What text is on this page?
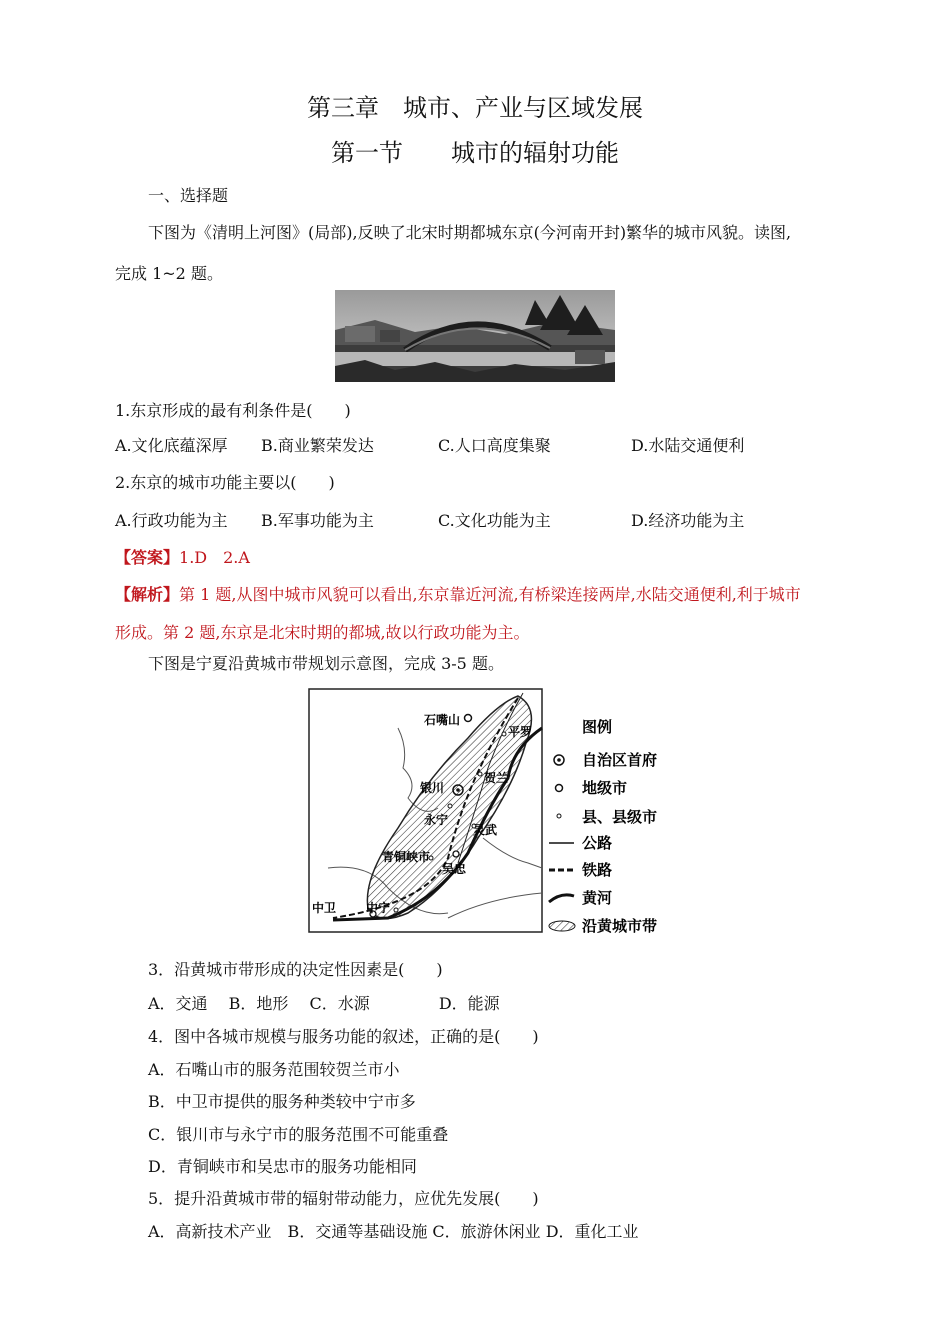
第三章　城市、产业与区域发展
第一节　　城市的辐射功能
一、选择题
下图为《清明上河图》(局部),反映了北宋时期都城东京(今河南开封)繁华的城市风貌。读图,
完成 1~2 题。
1.东京形成的最有利条件是(　　)
A.文化底蕴深厚 B.商业繁荣发达	C.人口高度集聚	D.水陆交通便利
2.东京的城市功能主要以(　　)
A.行政功能为主 B.军事功能为主	C.文化功能为主	D.经济功能为主
【答案】1.D　2.A
【解析】第 1 题,从图中城市风貌可以看出,东京靠近河流,有桥梁连接两岸,水陆交通便利,利于城市
形成。第 2 题,东京是北宋时期的都城,故以行政功能为主。
下图是宁夏沿黄城市带规划示意图，完成 3-5 题。
石嘴山
平罗
贺兰
银川
永宁
灵武
青铜峡市
吴忠
中卫 中宁
图例
自治区首府
地级市
县、县级市
公路
铁路
黄河
沿黄城市带
3．沿黄城市带形成的决定性因素是(　　)
A．交通　 B．地形　 C．水源　 　　　D．能源
4．图中各城市规模与服务功能的叙述，正确的是(　　)
A．石嘴山市的服务范围较贺兰市小
B．中卫市提供的服务种类较中宁市多
C．银川市与永宁市的服务范围不可能重叠
D．青铜峡市和吴忠市的服务功能相同
5．提升沿黄城市带的辐射带动能力，应优先发展(　　)
A．高新技术产业　B．交通等基础设施 C．旅游休闲业 D．重化工业
